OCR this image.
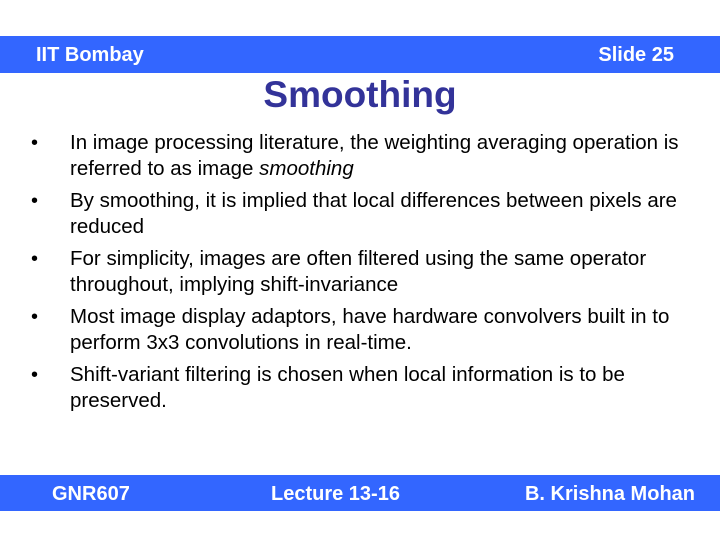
IIT Bombay	Slide 25
Smoothing
• In image processing literature, the weighting averaging operation is referred to as image smoothing
• By smoothing, it is implied that local differences between pixels are reduced
• For simplicity, images are often filtered using the same operator throughout, implying shift-invariance
• Most image display adaptors, have hardware convolvers built in to perform 3x3 convolutions in real-time.
• Shift-variant filtering is chosen when local information is to be preserved.
GNR607	Lecture 13-16	B. Krishna Mohan
